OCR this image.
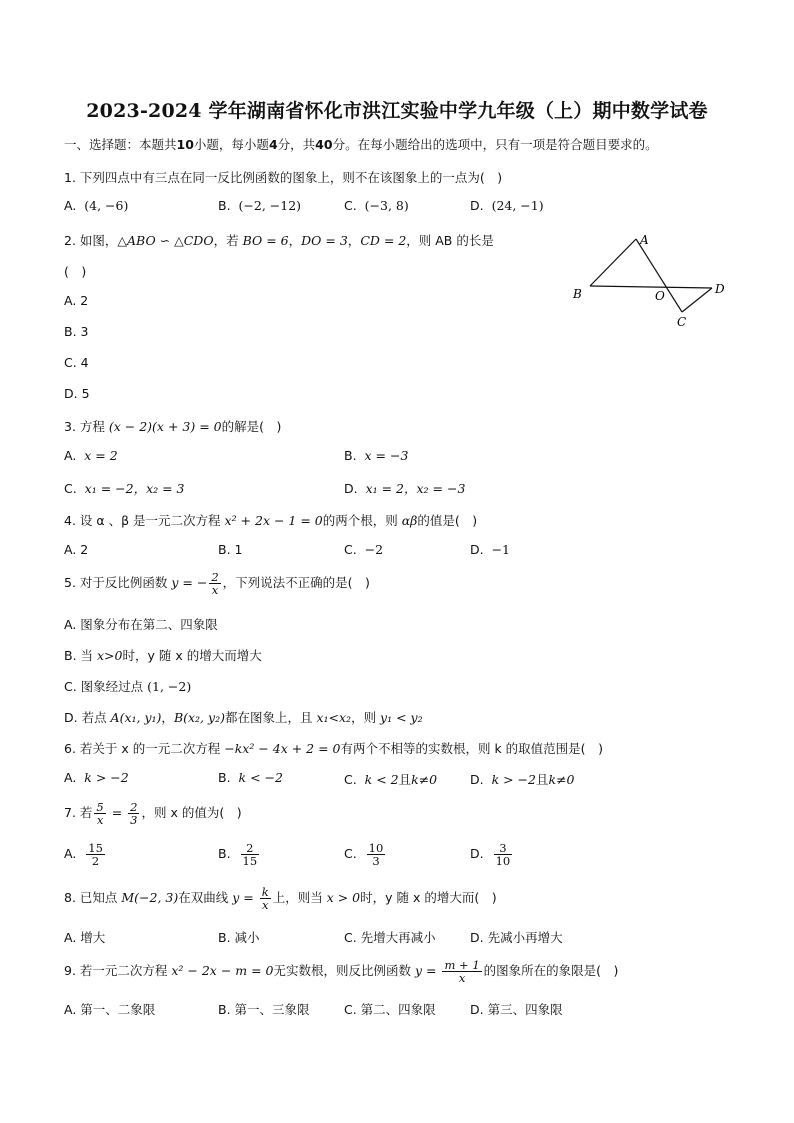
2023-2024 学年湖南省怀化市洪江实验中学九年级（上）期中数学试卷
一、选择题：本题共10小题，每小题4分，共40分。在每小题给出的选项中，只有一项是符合题目要求的。
1. 下列四点中有三点在同一反比例函数的图象上，则不在该图象上的一点为(　)
A. (4, −6)	B. (−2, −12)	C. (−3, 8)	D. (24, −1)
2. 如图，△ABO ∽ △CDO，若 BO = 6，DO = 3，CD = 2，则 AB 的长是
(　)
A. 2
B. 3
C. 4
D. 5
A
B	O
C
D
3. 方程 (x − 2)(x + 3) = 0的解是(　)
A. x = 2	B. x = −3
C. x₁ = −2，x₂ = 3	D. x₁ = 2，x₂ = −3
4. 设 α 、β 是一元二次方程 x² + 2x − 1 = 0的两个根，则 αβ的值是(　)
A. 2	B. 1	C. −2	D. −1
5. 对于反比例函数 y = − $\frac{2}{x}$ ，下列说法不正确的是(　)
A. 图象分布在第二、四象限
B. 当 x>0时，y 随 x 的增大而增大
C. 图象经过点 (1, −2)
D. 若点 A(x₁, y₁)，B(x₂, y₂)都在图象上，且 x₁<x₂，则 y₁ < y₂
6. 若关于 x 的一元二次方程 −kx² − 4x + 2 = 0有两个不相等的实数根，则 k 的取值范围是(　)
A. k > −2	B. k < −2	C. k < 2且k≠0	D. k > −2且k≠0
7. 若 $\frac{5}{x} = \frac{2}{3}$ ，则 x 的值为(　)
A. $\frac{15}{2}$	B. $\frac{2}{15}$	C. $\frac{10}{3}$	D. $\frac{3}{10}$
8. 已知点 M(−2, 3)在双曲线 $y = \frac{k}{x}$ 上，则当 x > 0时，y 随 x 的增大而(　)
A. 增大	B. 减小	C. 先增大再减小	D. 先减小再增大
9. 若一元二次方程 x² − 2x − m = 0无实数根，则反比例函数 $y = \frac{m + 1}{x}$ 的图象所在的象限是(　)
A. 第一、二象限	B. 第一、三象限	C. 第二、四象限	D. 第三、四象限
